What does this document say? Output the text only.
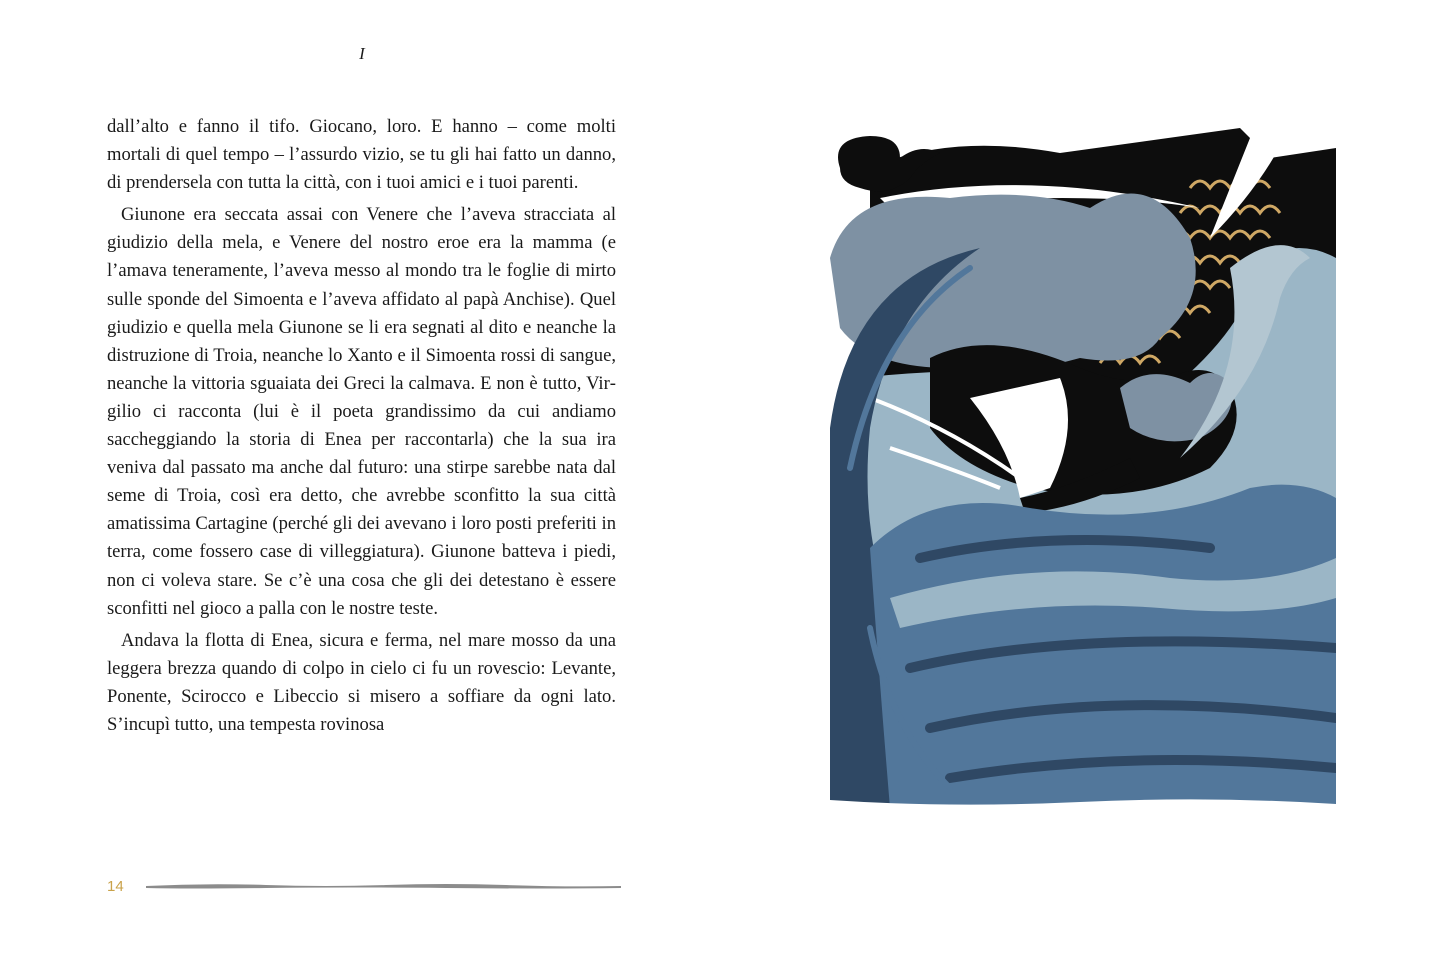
I

dall’alto e fanno il tifo. Giocano, loro. E hanno – come molti mortali di quel tempo – l’assurdo vizio, se tu gli hai fatto un danno, di prendersela con tutta la città, con i tuoi amici e i tuoi parenti.

Giunone era seccata assai con Venere che l’aveva stracciata al giudizio della mela, e Venere del nostro eroe era la mamma (e l’amava teneramente, l’aveva messo al mondo tra le foglie di mirto sulle sponde del Simoenta e l’aveva affidato al papà Anchise). Quel giudizio e quella mela Giunone se li era segnati al dito e neanche la distruzione di Troia, neanche lo Xanto e il Simoenta rossi di sangue, neanche la vittoria sguaiata dei Greci la calmava. E non è tutto, Virgilio ci racconta (lui è il poeta grandissimo da cui andiamo saccheggiando la storia di Enea per raccontarla) che la sua ira veniva dal passato ma anche dal futuro: una stirpe sarebbe nata dal seme di Troia, così era detto, che avrebbe sconfitto la sua città amatissima Cartagine (perché gli dei avevano i loro posti preferiti in terra, come fossero case di villeggiatura). Giunone batteva i piedi, non ci voleva stare. Se c’è una cosa che gli dei detestano è essere sconfitti nel gioco a palla con le nostre teste.

Andava la flotta di Enea, sicura e ferma, nel mare mosso da una leggera brezza quando di colpo in cielo ci fu un rovescio: Levante, Ponente, Scirocco e Libeccio si misero a soffiare da ogni lato. S’incupì tutto, una tempesta rovinosa

14
